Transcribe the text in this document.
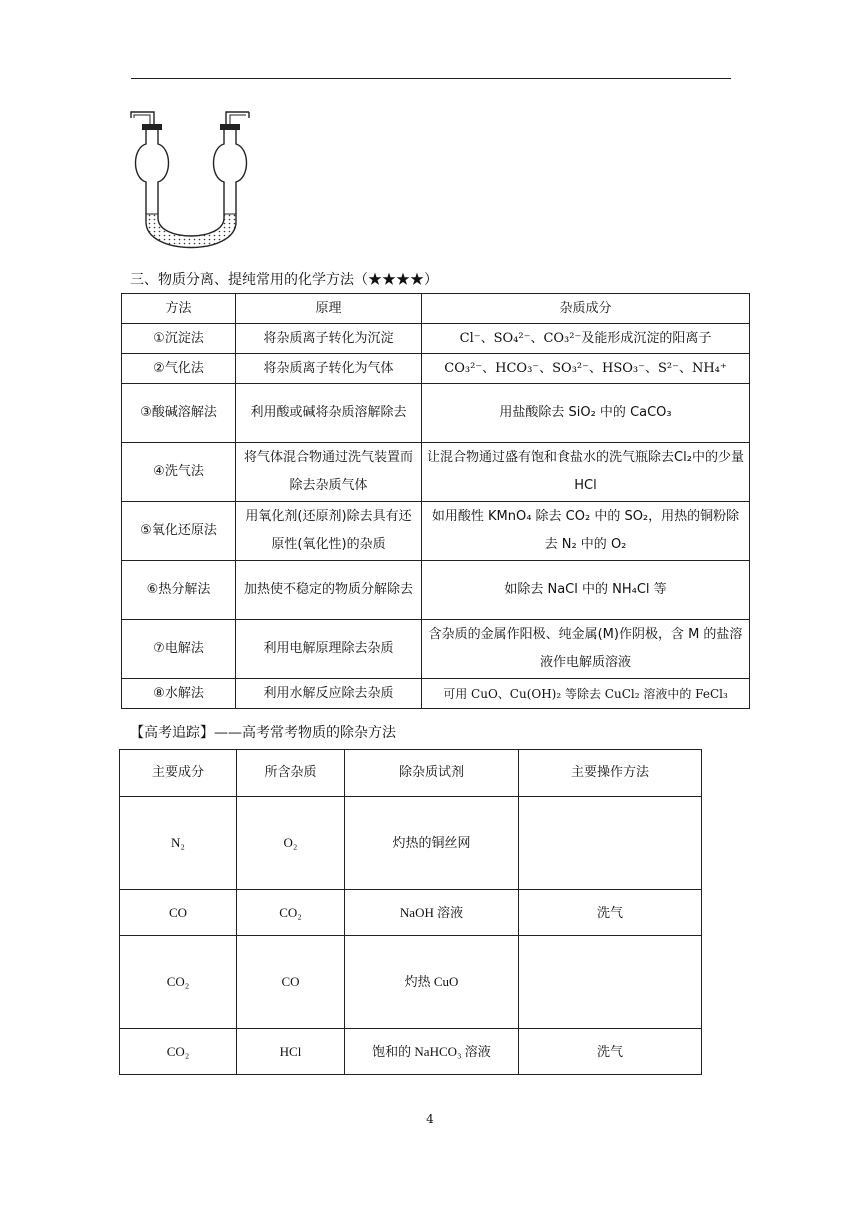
三、物质分离、提纯常用的化学方法（★★★★）
方法	原理	杂质成分
①沉淀法	将杂质离子转化为沉淀	Cl⁻、SO₄²⁻、CO₃²⁻及能形成沉淀的阳离子
②气化法	将杂质离子转化为气体	CO₃²⁻、HCO₃⁻、SO₃²⁻、HSO₃⁻、S²⁻、NH₄⁺
③酸碱溶解法	利用酸或碱将杂质溶解除去	用盐酸除去 SiO₂ 中的 CaCO₃
④洗气法	将气体混合物通过洗气装置而除去杂质气体	让混合物通过盛有饱和食盐水的洗气瓶除去Cl₂中的少量 HCl
⑤氧化还原法	用氧化剂(还原剂)除去具有还原性(氧化性)的杂质	如用酸性 KMnO₄ 除去 CO₂ 中的 SO₂，用热的铜粉除去 N₂ 中的 O₂
⑥热分解法	加热使不稳定的物质分解除去	如除去 NaCl 中的 NH₄Cl 等
⑦电解法	利用电解原理除去杂质	含杂质的金属作阳极、纯金属(M)作阴极，含 M 的盐溶液作电解质溶液
⑧水解法	利用水解反应除去杂质	可用 CuO、Cu(OH)₂ 等除去 CuCl₂ 溶液中的 FeCl₃
【高考追踪】——高考常考物质的除杂方法
主要成分	所含杂质	除杂质试剂	主要操作方法
N₂	O₂	灼热的铜丝网	
CO	CO₂	NaOH 溶液	洗气
CO₂	CO	灼热 CuO	
CO₂	HCl	饱和的 NaHCO₃ 溶液	洗气
4
